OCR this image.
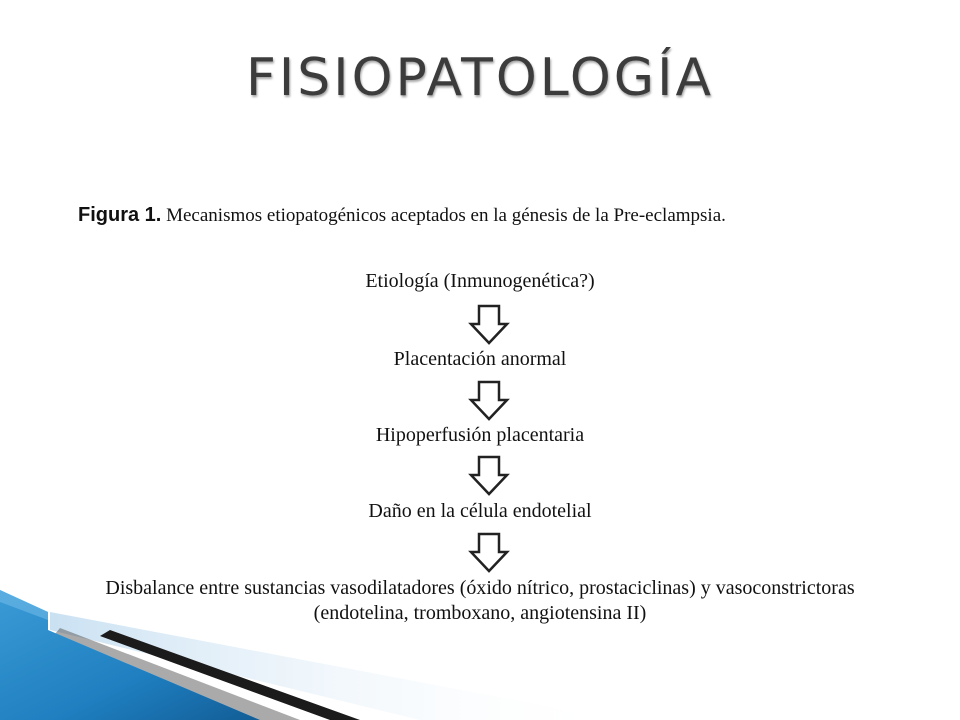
FISIOPATOLOGÍA
Figura 1. Mecanismos etiopatogénicos aceptados en la génesis de la Pre-eclampsia.
Etiología (Inmunogenética?)
Placentación anormal
Hipoperfusión placentaria
Daño en la célula endotelial
Disbalance entre sustancias vasodilatadores (óxido nítrico, prostaciclinas) y vasoconstrictoras
(endotelina, tromboxano, angiotensina II)
